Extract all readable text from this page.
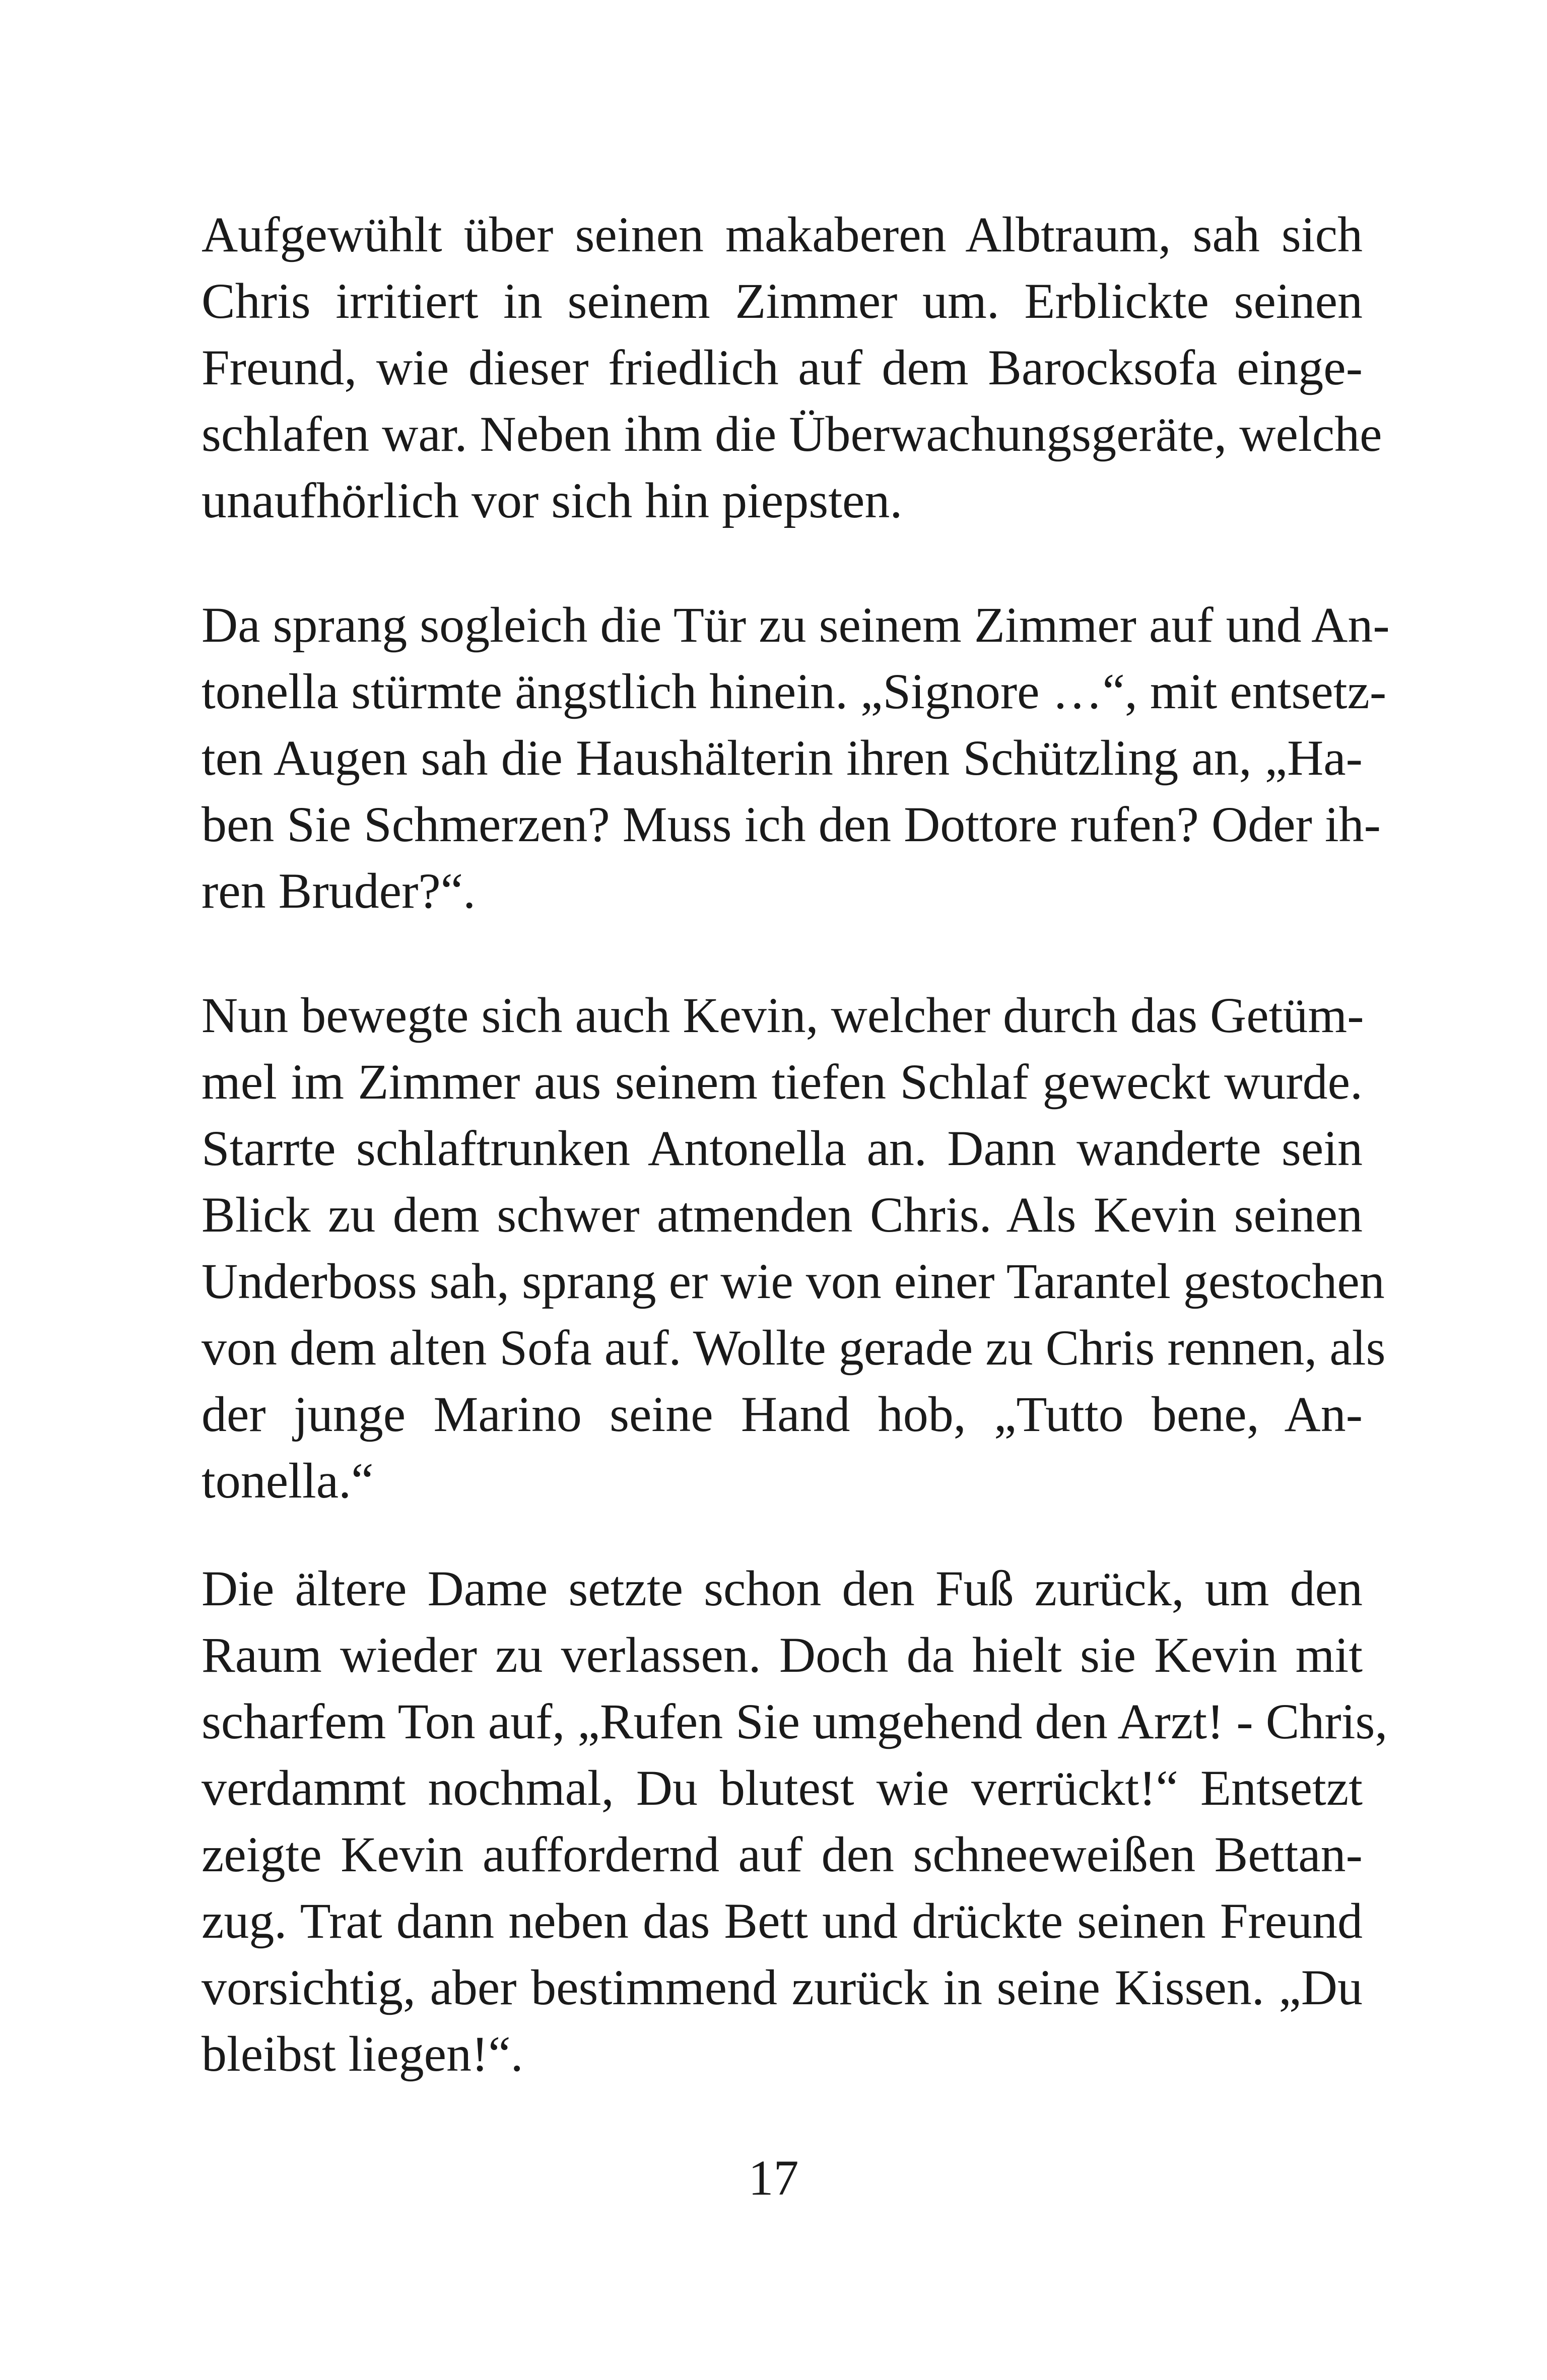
Aufgewühlt über seinen makaberen Albtraum, sah sich
Chris irritiert in seinem Zimmer um. Erblickte seinen
Freund, wie dieser friedlich auf dem Barocksofa einge-
schlafen war. Neben ihm die Überwachungsgeräte, welche
unaufhörlich vor sich hin piepsten.
Da sprang sogleich die Tür zu seinem Zimmer auf und An-
tonella stürmte ängstlich hinein. „Signore …“, mit entsetz-
ten Augen sah die Haushälterin ihren Schützling an, „Ha-
ben Sie Schmerzen? Muss ich den Dottore rufen? Oder ih-
ren Bruder?“.
Nun bewegte sich auch Kevin, welcher durch das Getüm-
mel im Zimmer aus seinem tiefen Schlaf geweckt wurde.
Starrte schlaftrunken Antonella an. Dann wanderte sein
Blick zu dem schwer atmenden Chris. Als Kevin seinen
Underboss sah, sprang er wie von einer Tarantel gestochen
von dem alten Sofa auf. Wollte gerade zu Chris rennen, als
der junge Marino seine Hand hob, „Tutto bene, An-
tonella.“
Die ältere Dame setzte schon den Fuß zurück, um den
Raum wieder zu verlassen. Doch da hielt sie Kevin mit
scharfem Ton auf, „Rufen Sie umgehend den Arzt! - Chris,
verdammt nochmal, Du blutest wie verrückt!“ Entsetzt
zeigte Kevin auffordernd auf den schneeweißen Bettan-
zug. Trat dann neben das Bett und drückte seinen Freund
vorsichtig, aber bestimmend zurück in seine Kissen. „Du
bleibst liegen!“.
17
